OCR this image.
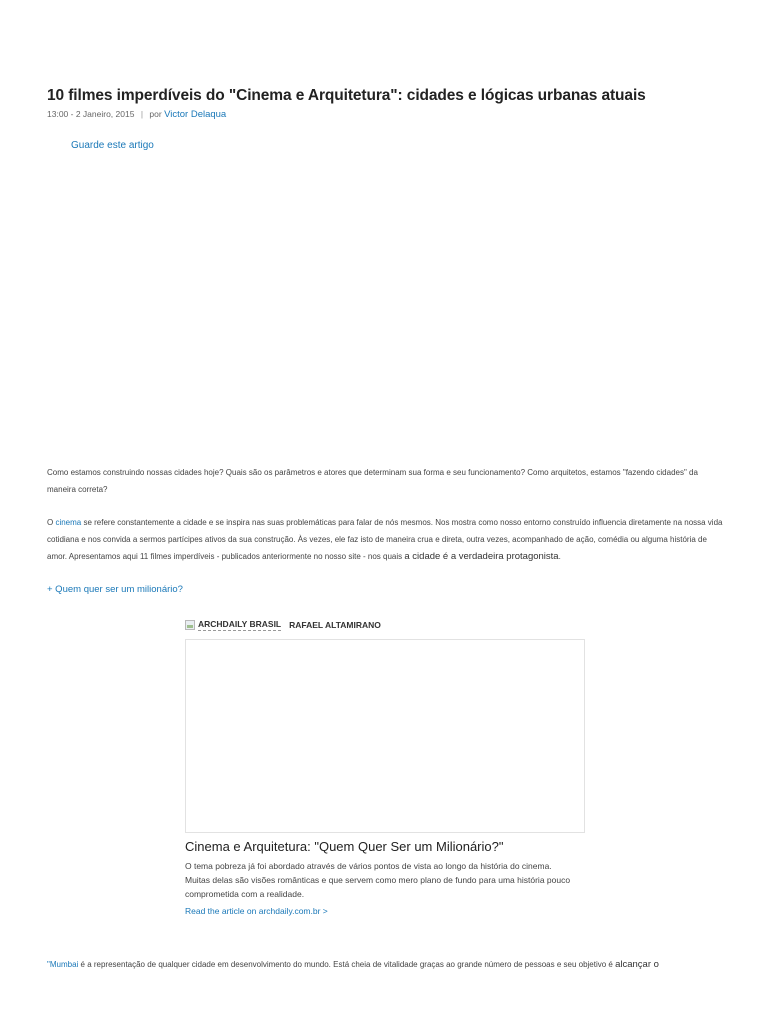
10 filmes imperdíveis do "Cinema e Arquitetura": cidades e lógicas urbanas atuais
13:00 - 2 Janeiro, 2015 | por Victor Delaqua
Guarde este artigo

Como estamos construindo nossas cidades hoje? Quais são os parâmetros e atores que determinam sua forma e seu funcionamento? Como arquitetos, estamos "fazendo cidades" da maneira correta?

O cinema se refere constantemente a cidade e se inspira nas suas problemáticas para falar de nós mesmos. Nos mostra como nosso entorno construído influencia diretamente na nossa vida cotidiana e nos convida a sermos partícipes ativos da sua construção. Às vezes, ele faz isto de maneira crua e direta, outra vezes, acompanhado de ação, comédia ou alguma história de amor. Apresentamos aqui 11 filmes imperdíveis - publicados anteriormente no nosso site - nos quais a cidade é a verdadeira protagonista.

+ Quem quer ser um milionário?
ARCHDAILY BRASIL RAFAEL ALTAMIRANO
Cinema e Arquitetura: "Quem Quer Ser um Milionário?"

O tema pobreza já foi abordado através de vários pontos de vista ao longo da história do cinema. Muitas delas são visões românticas e que servem como mero plano de fundo para uma história pouco comprometida com a realidade.

Read the article on archdaily.com.br >

"Mumbai é a representação de qualquer cidade em desenvolvimento do mundo. Está cheia de vitalidade graças ao grande número de pessoas e seu objetivo é alcançar o
